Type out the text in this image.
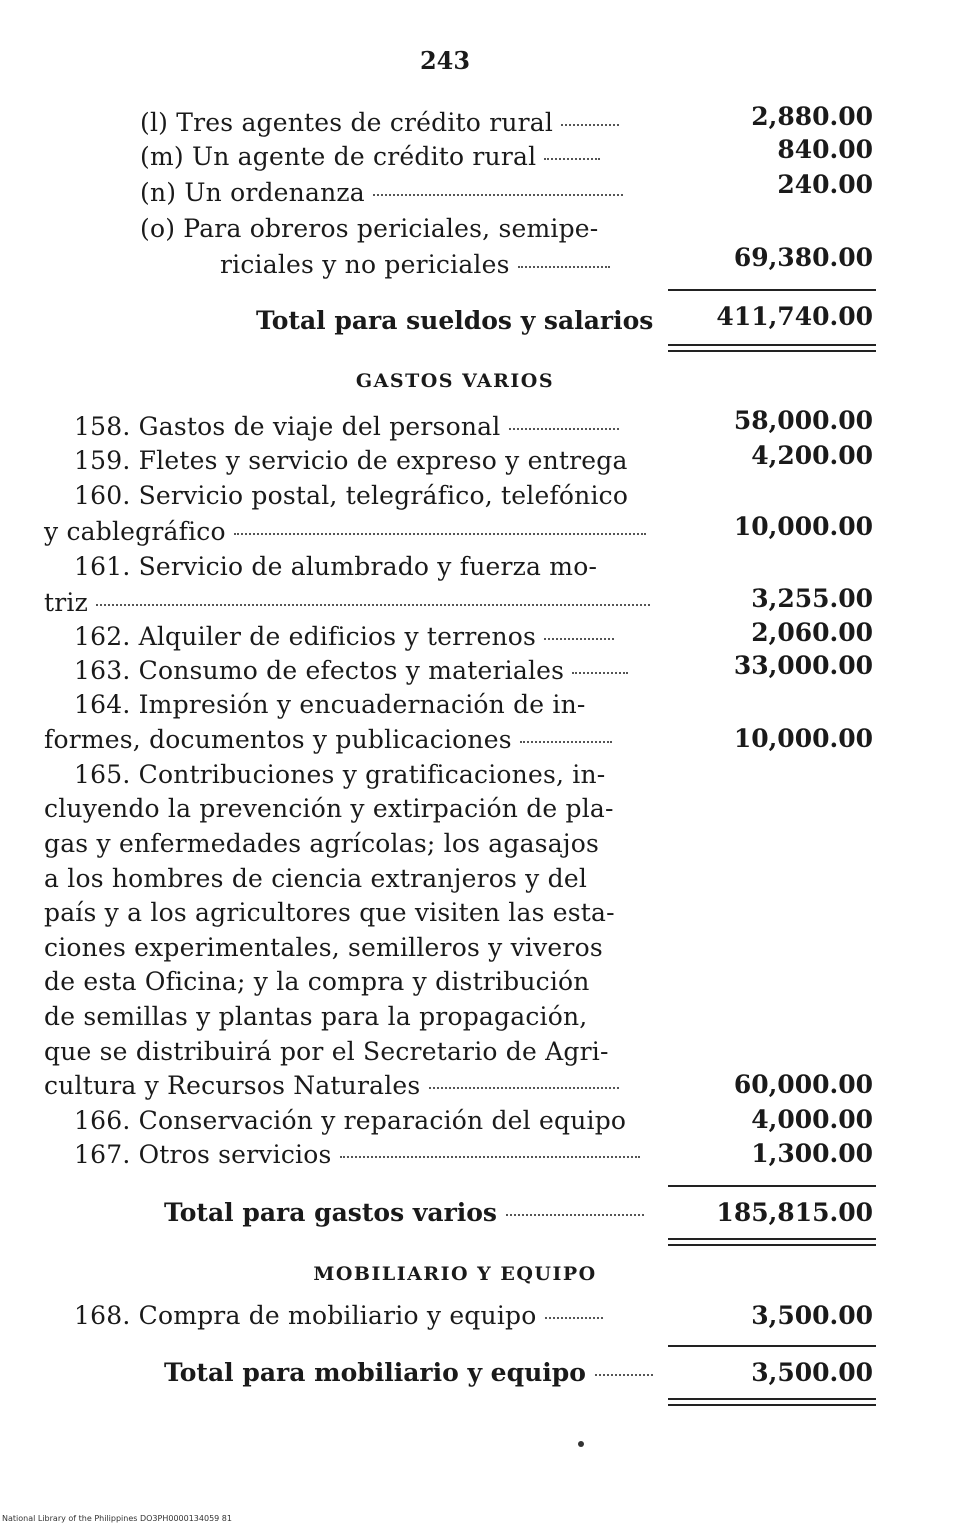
243
(l) Tres agentes de crédito rural	2,880.00
(m) Un agente de crédito rural	840.00
(n) Un ordenanza	240.00
(o) Para obreros periciales, semipe-
riciales y no periciales	69,380.00
Total para sueldos y salarios	411,740.00
GASTOS VARIOS
158. Gastos de viaje del personal	58,000.00
159. Fletes y servicio de expreso y entrega	4,200.00
160. Servicio postal, telegráfico, telefónico
y cablegráfico	10,000.00
161. Servicio de alumbrado y fuerza mo-
triz	3,255.00
162. Alquiler de edificios y terrenos	2,060.00
163. Consumo de efectos y materiales	33,000.00
164. Impresión y encuadernación de in-
formes, documentos y publicaciones	10,000.00
165. Contribuciones y gratificaciones, in-
cluyendo la prevención y extirpación de pla-
gas y enfermedades agrícolas; los agasajos
a los hombres de ciencia extranjeros y del
país y a los agricultores que visiten las esta-
ciones experimentales, semilleros y viveros
de esta Oficina; y la compra y distribución
de semillas y plantas para la propagación,
que se distribuirá por el Secretario de Agri-
cultura y Recursos Naturales	60,000.00
166. Conservación y reparación del equipo	4,000.00
167. Otros servicios	1,300.00
Total para gastos varios	185,815.00
MOBILIARIO Y EQUIPO
168. Compra de mobiliario y equipo	3,500.00
Total para mobiliario y equipo	3,500.00
National Library of the Philippines DO3PH0000134059 81
